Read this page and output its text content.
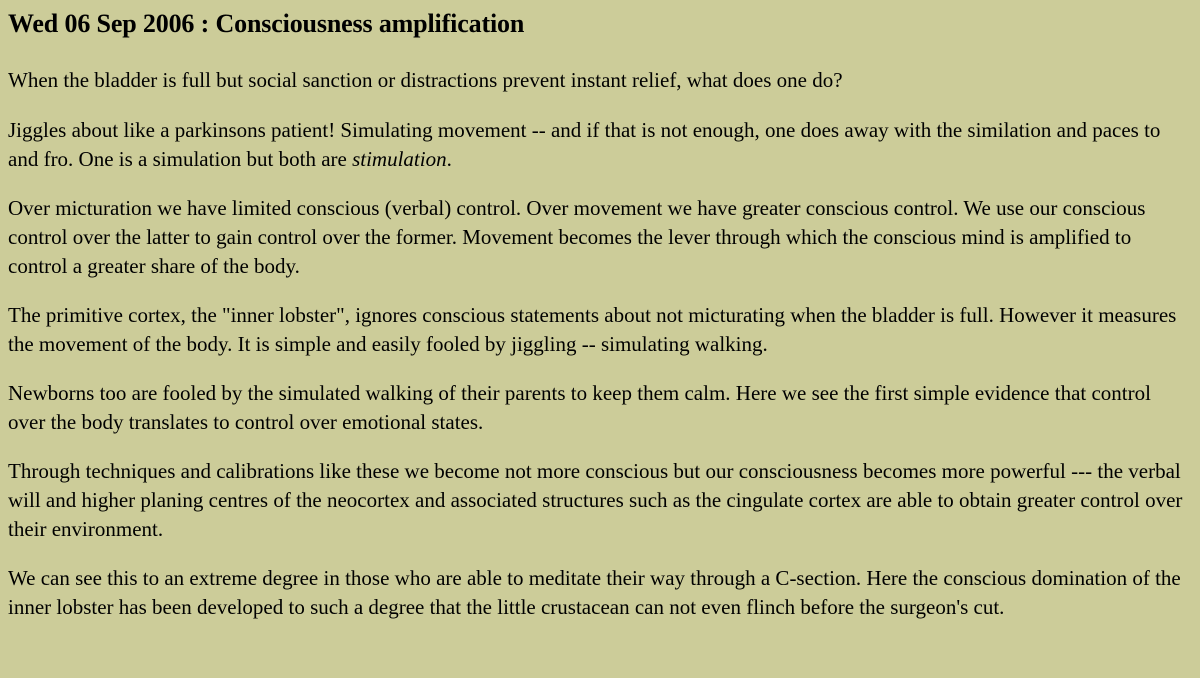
Wed 06 Sep 2006 : Consciousness amplification

When the bladder is full but social sanction or distractions prevent instant relief, what does one do?

Jiggles about like a parkinsons patient! Simulating movement -- and if that is not enough, one does away with the similation and paces to and fro. One is a simulation but both are stimulation.

Over micturation we have limited conscious (verbal) control. Over movement we have greater conscious control. We use our conscious control over the latter to gain control over the former. Movement becomes the lever through which the conscious mind is amplified to control a greater share of the body.

The primitive cortex, the "inner lobster", ignores conscious statements about not micturating when the bladder is full. However it measures the movement of the body. It is simple and easily fooled by jiggling -- simulating walking.

Newborns too are fooled by the simulated walking of their parents to keep them calm. Here we see the first simple evidence that control over the body translates to control over emotional states.

Through techniques and calibrations like these we become not more conscious but our consciousness becomes more powerful --- the verbal will and higher planing centres of the neocortex and associated structures such as the cingulate cortex are able to obtain greater control over their environment.

We can see this to an extreme degree in those who are able to meditate their way through a C-section. Here the conscious domination of the inner lobster has been developed to such a degree that the little crustacean can not even flinch before the surgeon's cut.
